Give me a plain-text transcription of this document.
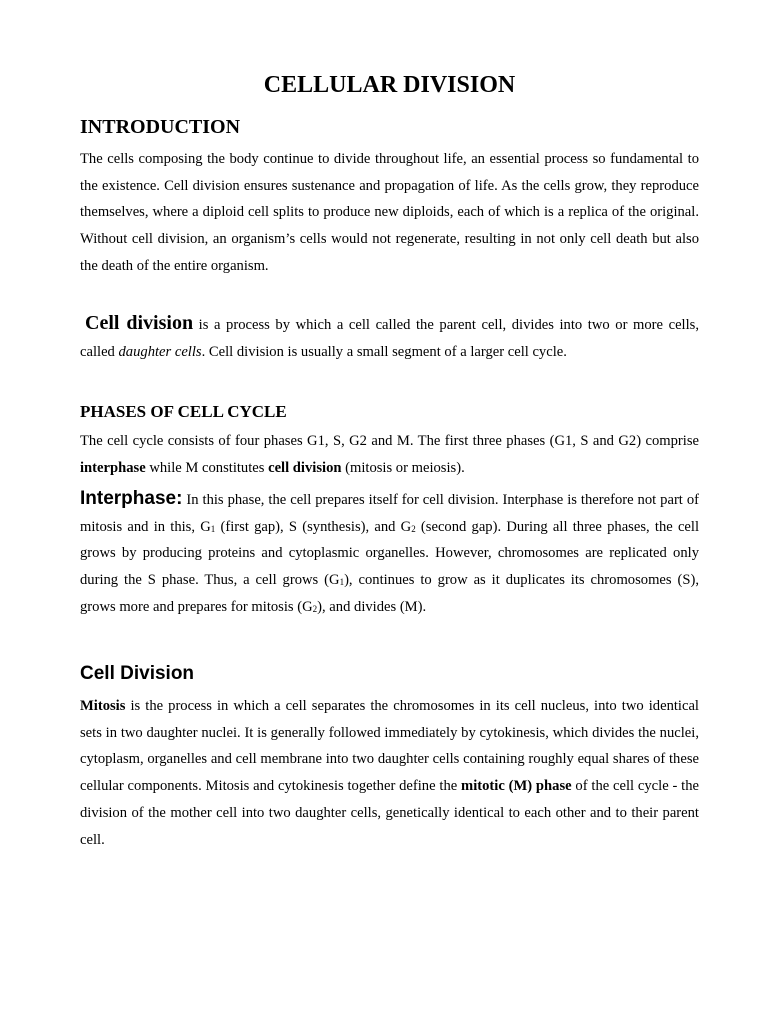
CELLULAR DIVISION
INTRODUCTION

The cells composing the body continue to divide throughout life, an essential process so fundamental to the existence. Cell division ensures sustenance and propagation of life. As the cells grow, they reproduce themselves, where a diploid cell splits to produce new diploids, each of which is a replica of the original. Without cell division, an organism’s cells would not regenerate, resulting in not only cell death but also the death of the entire organism.

Cell division is a process by which a cell called the parent cell, divides into two or more cells, called daughter cells. Cell division is usually a small segment of a larger cell cycle.

PHASES OF CELL CYCLE

The cell cycle consists of four phases G1, S, G2 and M. The first three phases (G1, S and G2) comprise interphase while M constitutes cell division (mitosis or meiosis).

Interphase: In this phase, the cell prepares itself for cell division. Interphase is therefore not part of mitosis and in this, $G_1$ (first gap), S (synthesis), and $G_2$ (second gap). During all three phases, the cell grows by producing proteins and cytoplasmic organelles. However, chromosomes are replicated only during the S phase. Thus, a cell grows $(G_1)$, continues to grow as it duplicates its chromosomes (S), grows more and prepares for mitosis $(G_2)$, and divides (M).

Cell Division

Mitosis is the process in which a cell separates the chromosomes in its cell nucleus, into two identical sets in two daughter nuclei. It is generally followed immediately by cytokinesis, which divides the nuclei, cytoplasm, organelles and cell membrane into two daughter cells containing roughly equal shares of these cellular components. Mitosis and cytokinesis together define the mitotic (M) phase of the cell cycle - the division of the mother cell into two daughter cells, genetically identical to each other and to their parent cell.
